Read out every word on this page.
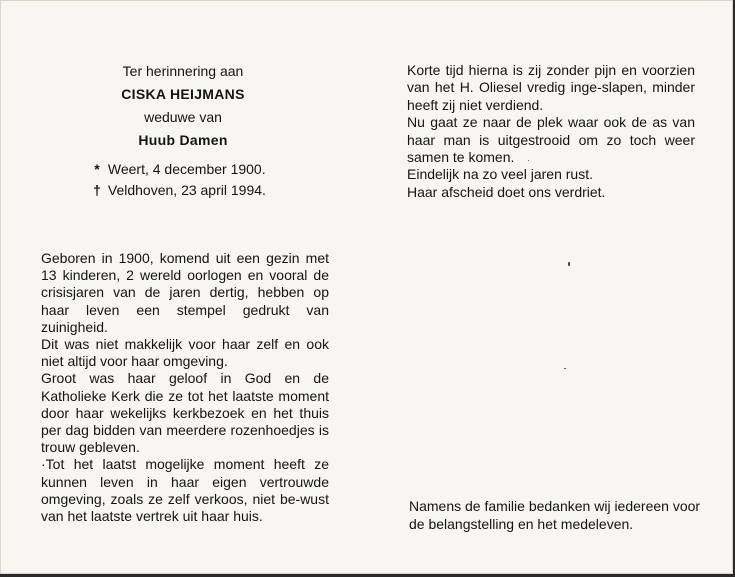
Ter herinnering aan
CISKA HEIJMANS
weduwe van
Huub Damen
* Weert, 4 december 1900.
† Veldhoven, 23 april 1994.

Geboren in 1900, komend uit een gezin met 13 kinderen, 2 wereld oorlogen en vooral de crisisjaren van de jaren dertig, hebben op haar leven een stempel gedrukt van zuinigheid.

Dit was niet makkelijk voor haar zelf en ook niet altijd voor haar omgeving.

Groot was haar geloof in God en de Katholieke Kerk die ze tot het laatste moment door haar wekelijks kerkbezoek en het thuis per dag bidden van meerdere rozenhoedjes is trouw gebleven.

·Tot het laatst mogelijke moment heeft ze kunnen leven in haar eigen vertrouwde omgeving, zoals ze zelf verkoos, niet be-wust van het laatste vertrek uit haar huis.

Korte tijd hierna is zij zonder pijn en voorzien van het H. Oliesel vredig inge-slapen, minder heeft zij niet verdiend.

Nu gaat ze naar de plek waar ook de as van haar man is uitgestrooid om zo toch weer samen te komen.

Eindelijk na zo veel jaren rust.

Haar afscheid doet ons verdriet.

Namens de familie bedanken wij iedereen voor de belangstelling en het medeleven.
